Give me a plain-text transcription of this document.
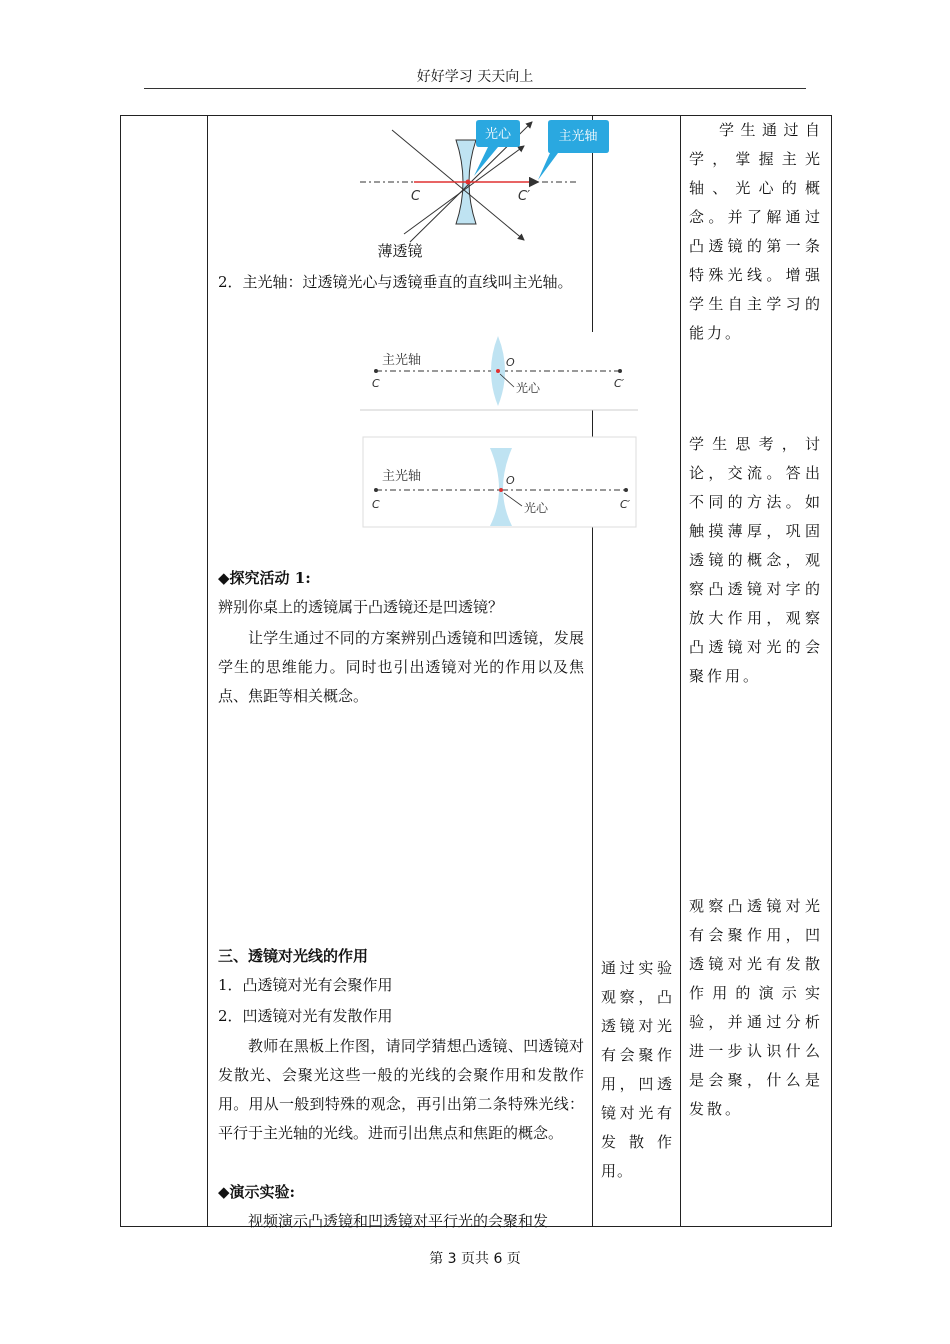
好好学习 天天向上

光心	主光轴
C	C′
薄透镜

2．主光轴：过透镜光心与透镜垂直的直线叫主光轴。

主光轴	O
光心
C	C′
主光轴	O
光心
C	C′

◆探究活动 1:

辨别你桌上的透镜属于凸透镜还是凹透镜？

让学生通过不同的方案辨别凸透镜和凹透镜，发展学生的思维能力。同时也引出透镜对光的作用以及焦点、焦距等相关概念。

三、透镜对光线的作用

1．凸透镜对光有会聚作用

2．凹透镜对光有发散作用

教师在黑板上作图，请同学猜想凸透镜、凹透镜对发散光、会聚光这些一般的光线的会聚作用和发散作用。用从一般到特殊的观念，再引出第二条特殊光线：平行于主光轴的光线。进而引出焦点和焦距的概念。

◆演示实验:

视频演示凸透镜和凹透镜对平行光的会聚和发

通过实验观察，凸透镜对光有会聚作用，凹透镜对光有发散作用。

学生通过自学，掌握主光轴、光心的概念。并了解通过凸透镜的第一条特殊光线。增强学生自主学习的能力。

学生思考，讨论，交流。答出不同的方法。如触摸薄厚，巩固透镜的概念，观察凸透镜对字的放大作用，观察凸透镜对光的会聚作用。

观察凸透镜对光有会聚作用，凹透镜对光有发散作用的演示实验，并通过分析进一步认识什么是会聚，什么是发散。

第 3 页共 6 页
